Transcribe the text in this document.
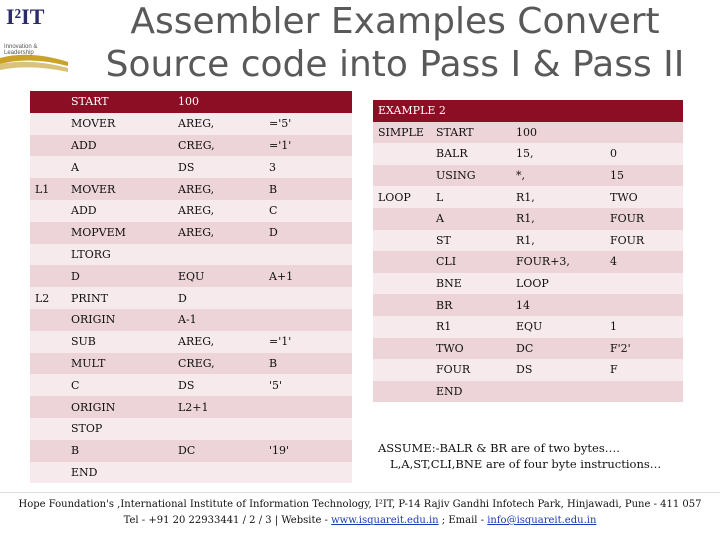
I²IT
Innovation & Leadership
Assembler Examples Convert Source code into Pass I & Pass II
	START	100	
	MOVER	AREG,	='5'
	ADD	CREG,	='1'
	A	DS	3
L1	MOVER	AREG,	B
	ADD	AREG,	C
	MOPVEM	AREG,	D
	LTORG		
	D	EQU	A+1
L2	PRINT	D	
	ORIGIN	A-1	
	SUB	AREG,	='1'
	MULT	CREG,	B
	C	DS	'5'
	ORIGIN	L2+1	
	STOP		
	B	DC	'19'
	END		
EXAMPLE 2			
SIMPLE	START	100	
	BALR	15,	0
	USING	*,	15
LOOP	L	R1,	TWO
	A	R1,	FOUR
	ST	R1,	FOUR
	CLI	FOUR+3,	4
	BNE	LOOP	
	BR	14	
	R1	EQU	1
	TWO	DC	F'2'
	FOUR	DS	F
	END		
ASSUME:-BALR & BR are of two bytes….
L,A,ST,CLI,BNE are of four byte instructions…
Hope Foundation's ,International Institute of Information Technology, I²IT, P-14 Rajiv Gandhi Infotech Park, Hinjawadi, Pune - 411 057
Tel - +91 20 22933441 / 2 / 3 | Website - www.isquareit.edu.in ; Email - info@isquareit.edu.in
